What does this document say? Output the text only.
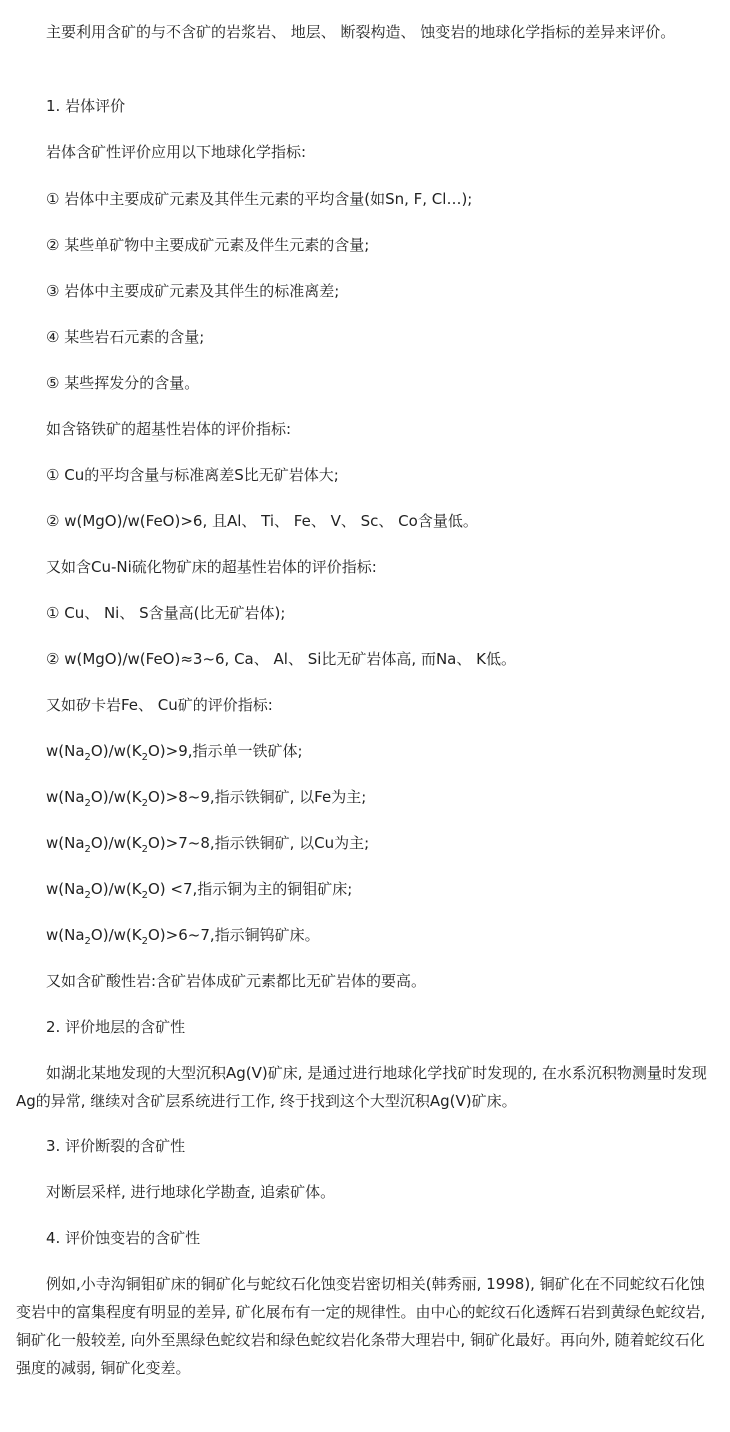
主要利用含矿的与不含矿的岩浆岩、 地层、 断裂构造、 蚀变岩的地球化学指标的差异来评价。

1. 岩体评价

岩体含矿性评价应用以下地球化学指标:

① 岩体中主要成矿元素及其伴生元素的平均含量(如Sn, F, Cl…);

② 某些单矿物中主要成矿元素及伴生元素的含量;

③ 岩体中主要成矿元素及其伴生的标准离差;

④ 某些岩石元素的含量;

⑤ 某些挥发分的含量。

如含铬铁矿的超基性岩体的评价指标:

① Cu的平均含量与标准离差S比无矿岩体大;

② w(MgO)/w(FeO)>6, 且Al、 Ti、 Fe、 V、 Sc、 Co含量低。

又如含Cu-Ni硫化物矿床的超基性岩体的评价指标:

① Cu、 Ni、 S含量高(比无矿岩体);

② w(MgO)/w(FeO)≈3~6, Ca、 Al、 Si比无矿岩体高, 而Na、 K低。

又如矽卡岩Fe、 Cu矿的评价指标:

$w(Na_2O)/w(K_2O)>9$,指示单一铁矿体;

$w(Na_2O)/w(K_2O)>8\sim 9$,指示铁铜矿, 以Fe为主;

$w(Na_2O)/w(K_2O)>7\sim 8$,指示铁铜矿, 以Cu为主;

$w(Na_2O)/w(K_2O) <7$,指示铜为主的铜钼矿床;

$w(Na_2O)/w(K_2O)>6\sim 7$,指示铜钨矿床。

又如含矿酸性岩:含矿岩体成矿元素都比无矿岩体的要高。

2. 评价地层的含矿性

如湖北某地发现的大型沉积Ag(V)矿床, 是通过进行地球化学找矿时发现的, 在水系沉积物测量时发现Ag的异常, 继续对含矿层系统进行工作, 终于找到这个大型沉积Ag(V)矿床。

3. 评价断裂的含矿性

对断层采样, 进行地球化学勘查, 追索矿体。

4. 评价蚀变岩的含矿性

例如,小寺沟铜钼矿床的铜矿化与蛇纹石化蚀变岩密切相关(韩秀丽, 1998), 铜矿化在不同蛇纹石化蚀变岩中的富集程度有明显的差异, 矿化展布有一定的规律性。由中心的蛇纹石化透辉石岩到黄绿色蛇纹岩, 铜矿化一般较差, 向外至黑绿色蛇纹岩和绿色蛇纹岩化条带大理岩中, 铜矿化最好。再向外, 随着蛇纹石化强度的减弱, 铜矿化变差。
